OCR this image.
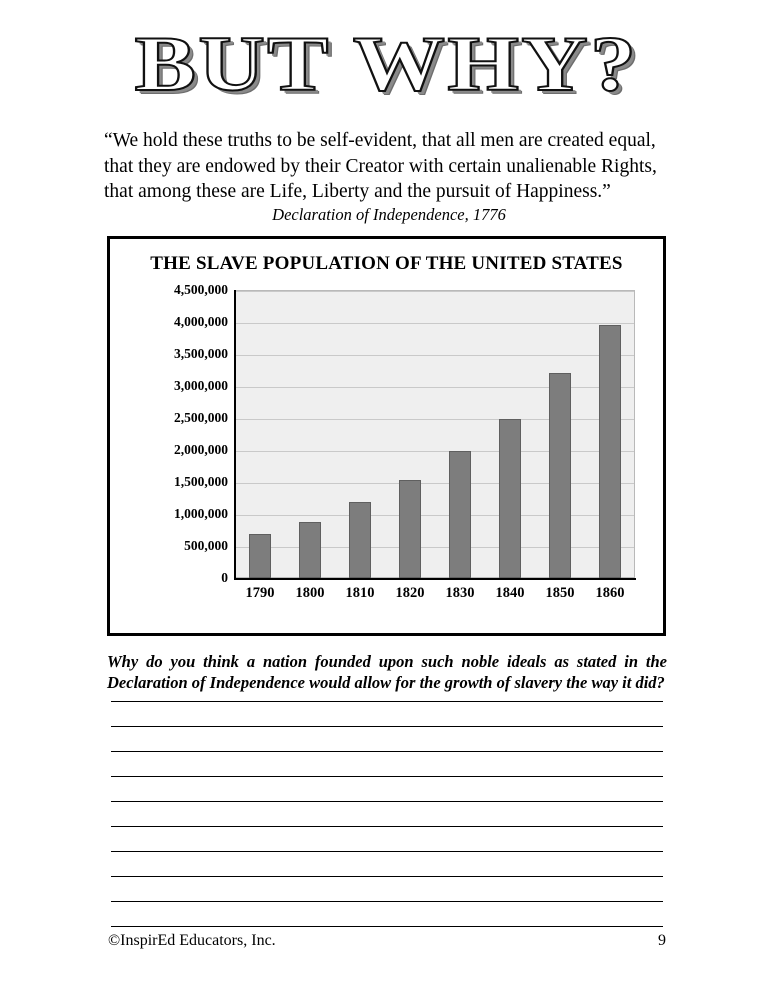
BUT WHY?
“We hold these truths to be self-evident, that all men are created equal, that they are endowed by their Creator with certain unalienable Rights, that among these are Life, Liberty and the pursuit of Happiness.”
Declaration of Independence, 1776
THE SLAVE POPULATION OF THE UNITED STATES
4,500,000
4,000,000
3,500,000
3,000,000
2,500,000
2,000,000
1,500,000
1,000,000
500,000
0
1790 1800 1810 1820 1830 1840 1850 1860
Why do you think a nation founded upon such noble ideals as stated in the Declaration of Independence would allow for the growth of slavery the way it did?
©InspirEd Educators, Inc.	9
